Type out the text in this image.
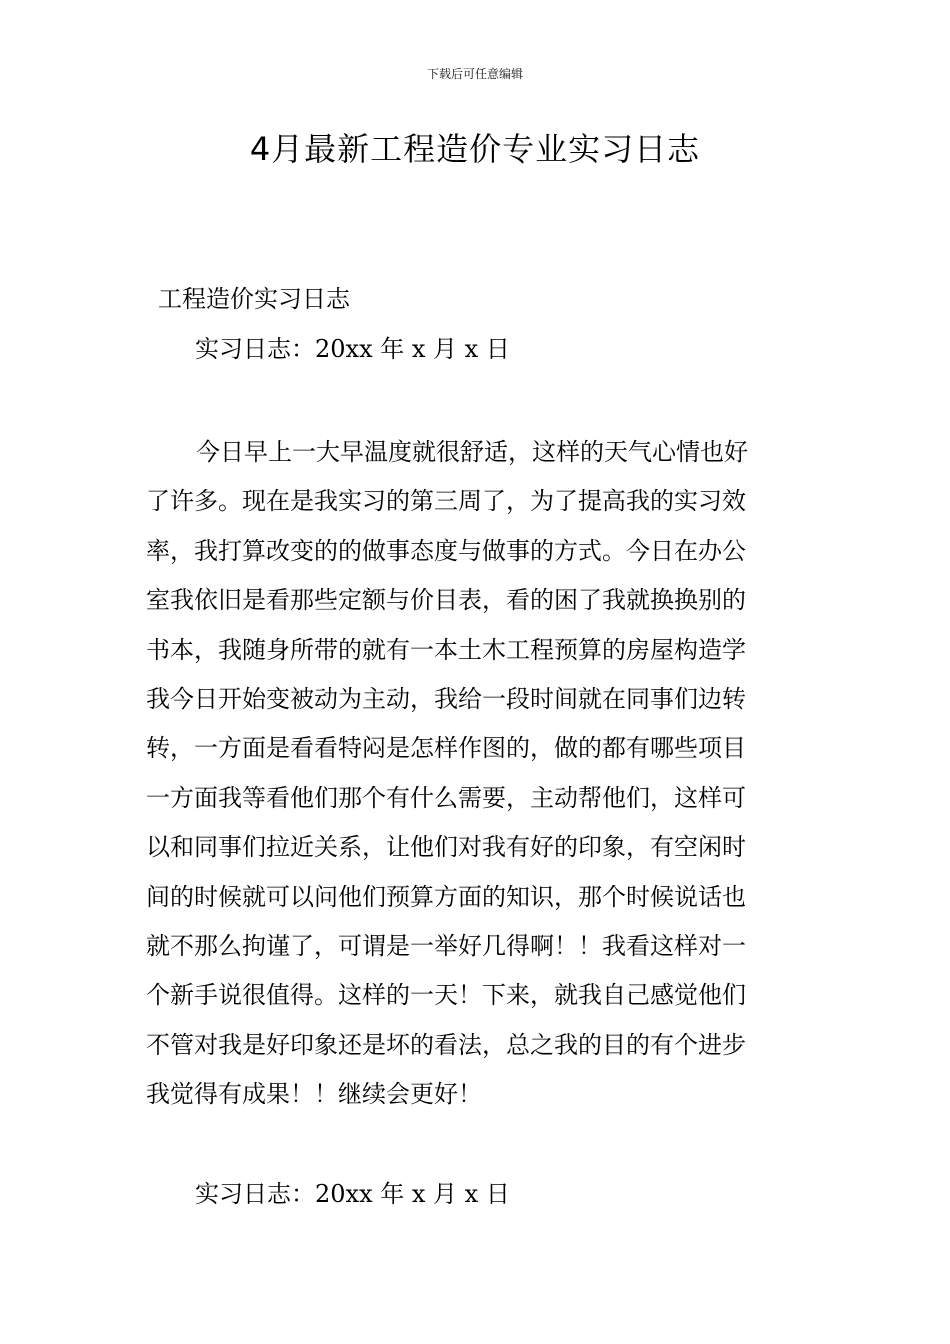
下载后可任意编辑
4月最新工程造价专业实习日志
工程造价实习日志
实习日志：20xx 年 x 月 x 日
今日早上一大早温度就很舒适，这样的天气心情也好
了许多。现在是我实习的第三周了，为了提高我的实习效
率，我打算改变的的做事态度与做事的方式。今日在办公
室我依旧是看那些定额与价目表，看的困了我就换换别的
书本，我随身所带的就有一本土木工程预算的房屋构造学
我今日开始变被动为主动，我给一段时间就在同事们边转
转，一方面是看看特闷是怎样作图的，做的都有哪些项目
一方面我等看他们那个有什么需要，主动帮他们，这样可
以和同事们拉近关系，让他们对我有好的印象，有空闲时
间的时候就可以问他们预算方面的知识，那个时候说话也
就不那么拘谨了，可谓是一举好几得啊！！我看这样对一
个新手说很值得。这样的一天！下来，就我自己感觉他们
不管对我是好印象还是坏的看法，总之我的目的有个进步
我觉得有成果！！继续会更好！
实习日志：20xx 年 x 月 x 日
